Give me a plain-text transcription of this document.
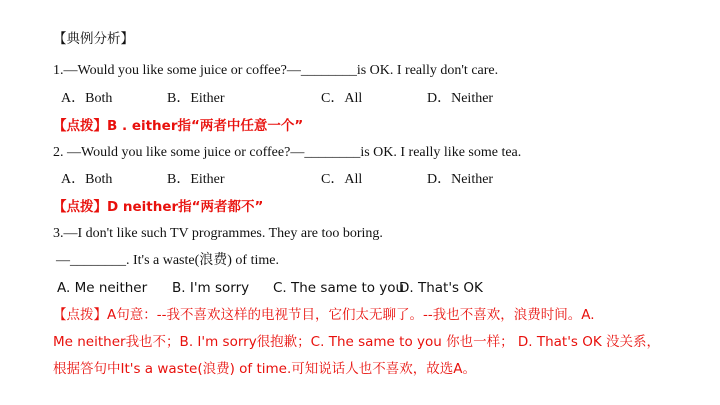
【典例分析】
1.—Would you like some juice or coffee?—________is OK. I really don't care.
A．Both	B．Either	C．All	D．Neither
【点拨】B . either指“两者中任意一个”
2. —Would you like some juice or coffee?—________is OK. I really like some tea.
A．Both	B．Either	C．All	D．Neither
【点拨】D neither指“两者都不”
3.—I don't like such TV programmes. They are too boring.
—________. It's a waste(浪费) of time.
A. Me neither B. I'm sorry C. The same to you
D. That's OK
【点拨】A句意：--我不喜欢这样的电视节目，它们太无聊了。--我也不喜欢，浪费时间。A.
Me neither我也不；B. I'm sorry很抱歉；C. The same to you 你也一样； D. That's OK 没关系，
根据答句中It's a waste(浪费) of time.可知说话人也不喜欢，故选A。
